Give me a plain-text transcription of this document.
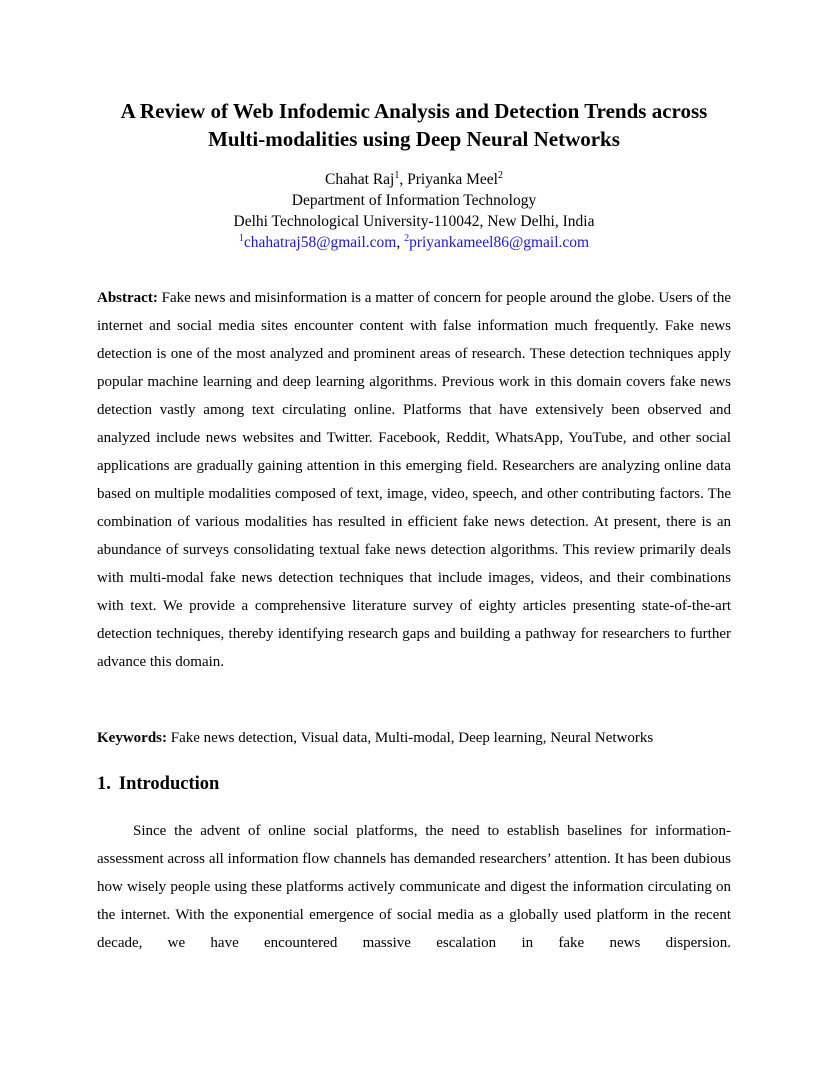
A Review of Web Infodemic Analysis and Detection Trends across
Multi-modalities using Deep Neural Networks
Chahat Raj$^1$, Priyanka Meel$^2$
Department of Information Technology
Delhi Technological University-110042, New Delhi, India
$^1$chahatraj58@gmail.com, $^2$priyankameel86@gmail.com
Abstract: Fake news and misinformation is a matter of concern for people around the globe. Users of the internet and social media sites encounter content with false information much frequently. Fake news detection is one of the most analyzed and prominent areas of research. These detection techniques apply popular machine learning and deep learning algorithms. Previous work in this domain covers fake news detection vastly among text circulating online. Platforms that have extensively been observed and analyzed include news websites and Twitter. Facebook, Reddit, WhatsApp, YouTube, and other social applications are gradually gaining attention in this emerging field. Researchers are analyzing online data based on multiple modalities composed of text, image, video, speech, and other contributing factors. The combination of various modalities has resulted in efficient fake news detection. At present, there is an abundance of surveys consolidating textual fake news detection algorithms. This review primarily deals with multi-modal fake news detection techniques that include images, videos, and their combinations with text. We provide a comprehensive literature survey of eighty articles presenting state-of-the-art detection techniques, thereby identifying research gaps and building a pathway for researchers to further advance this domain.
Keywords: Fake news detection, Visual data, Multi-modal, Deep learning, Neural Networks
1. Introduction
Since the advent of online social platforms, the need to establish baselines for information-assessment across all information flow channels has demanded researchers’ attention. It has been dubious how wisely people using these platforms actively communicate and digest the information circulating on the internet. With the exponential emergence of social media as a globally used platform in the recent decade, we have encountered massive escalation in fake news dispersion.
